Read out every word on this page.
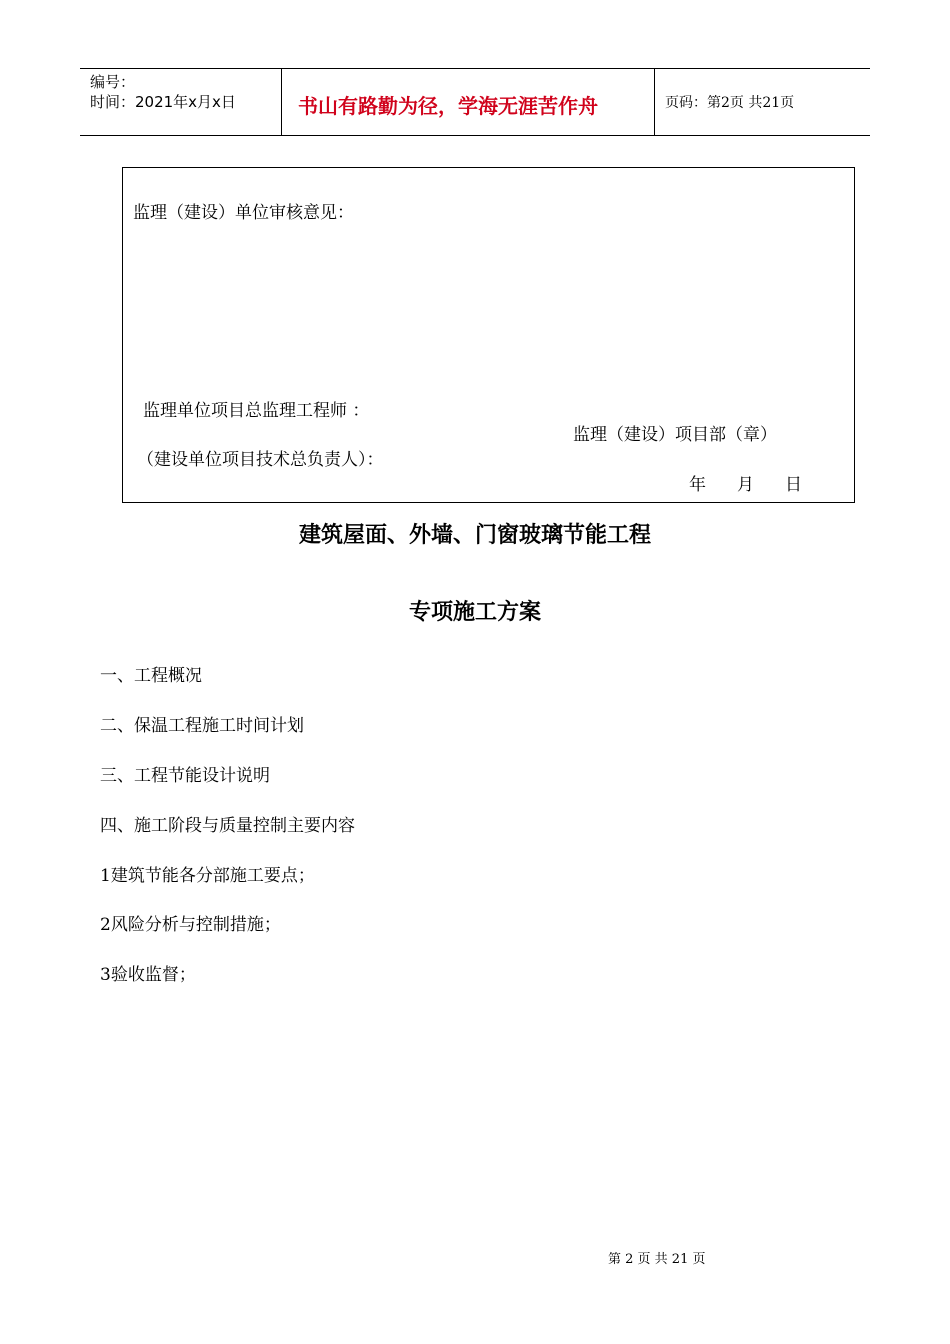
编号：
时间：2021年x月x日	书山有路勤为径，学海无涯苦作舟	页码：第2页 共21页
监理（建设）单位审核意见：
监理单位项目总监理工程师 ：
监理（建设）项目部（章）
（建设单位项目技术总负责人）：
年 月 日
建筑屋面、外墙、门窗玻璃节能工程
专项施工方案
一、工程概况
二、保温工程施工时间计划
三、工程节能设计说明
四、施工阶段与质量控制主要内容
1建筑节能各分部施工要点；
2风险分析与控制措施；
3验收监督；
第 2 页 共 21 页
